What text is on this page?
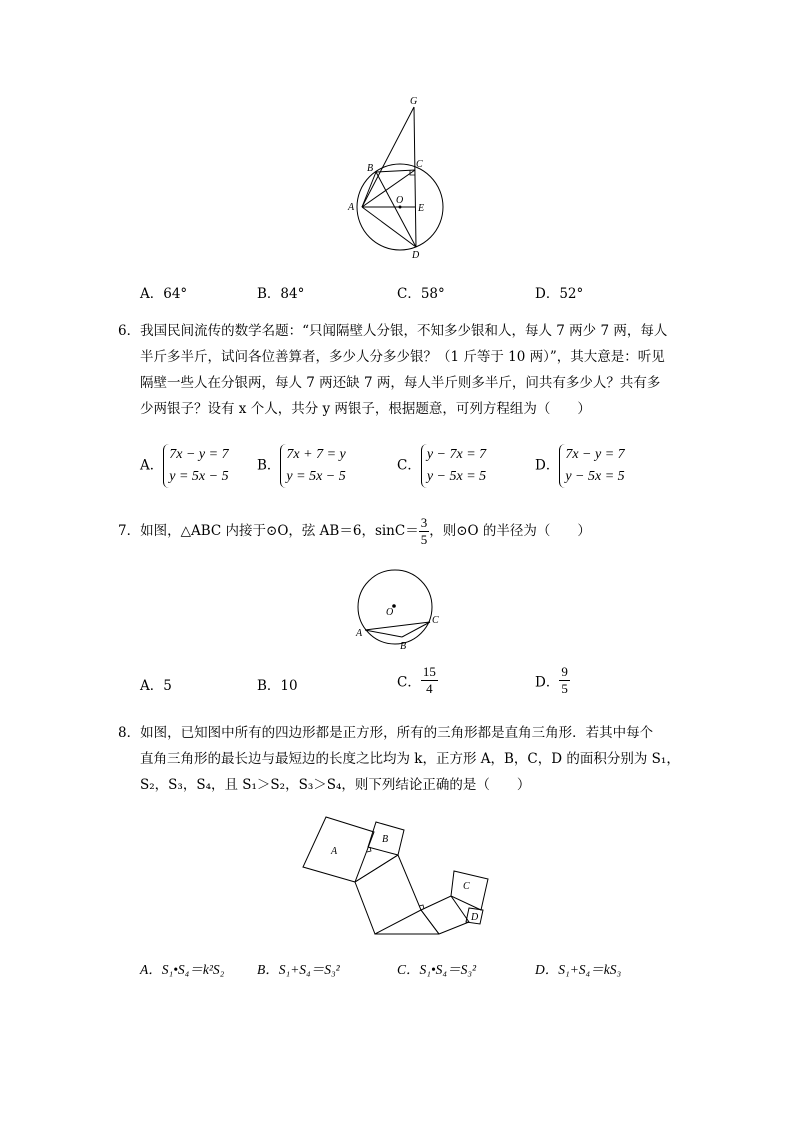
G
B	C
O
A	E
D
A．64°	B．84°	C．58°	D．52°
6．我国民间流传的数学名题：“只闻隔壁人分银，不知多少银和人，每人 7 两少 7 两，每人
半斤多半斤，试问各位善算者，多少人分多少银？（1 斤等于 10 两）”，其大意是：听见
隔壁一些人在分银两，每人 7 两还缺 7 两，每人半斤则多半斤，问共有多少人？共有多
少两银子？设有 x 个人，共分 y 两银子，根据题意，可列方程组为（　　）
A．7x − y = 7
y = 5x − 5
B．7x + 7 = y
y = 5x − 5
C．y − 7x = 7
y − 5x = 5
D．7x − y = 7
y − 5x = 5
7．如图，△ABC 内接于⊙O，弦 AB＝6，$\sin C= \frac{3}{5}$ ，则⊙O 的半径为（　　）
O
A
B
C
A．5	B．10	C． $\frac{15}{4}$	D． $\frac{9}{5}$
8．如图，已知图中所有的四边形都是正方形，所有的三角形都是直角三角形．若其中每个
直角三角形的最长边与最短边的长度之比均为 k，正方形 A，B，C，D 的面积分别为 S₁，
S₂，S₃，S₄，且 S₁＞S₂，S₃＞S₄，则下列结论正确的是（　　）
A
B
C
D
A．S₁•S₄＝k²S₂ B．S₁+S₄＝S₃²	C．S₁•S₄＝S₃²	D．S₁+S₄＝kS₃
